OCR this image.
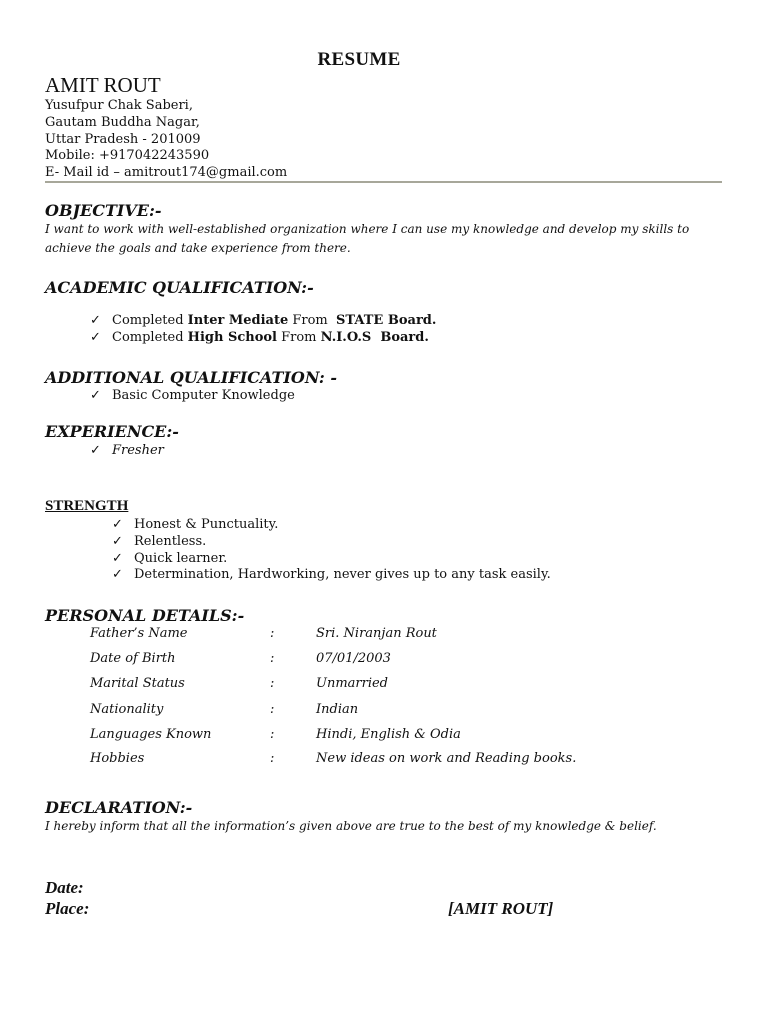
RESUME
AMIT ROUT
Yusufpur Chak Saberi,
Gautam Buddha Nagar,
Uttar Pradesh - 201009
Mobile: +917042243590
E- Mail id – amitrout174@gmail.com
OBJECTIVE:-
I want to work with well-established organization where I can use my knowledge and develop my skills to achieve the goals and take experience from there.
ACADEMIC QUALIFICATION:-
✓ Completed Inter Mediate From  STATE Board.
✓ Completed High School From N.I.O.S  Board.
ADDITIONAL QUALIFICATION: -
✓ Basic Computer Knowledge
EXPERIENCE:-
✓ Fresher
STRENGTH
✓ Honest & Punctuality.
✓ Relentless.
✓ Quick learner.
✓ Determination, Hardworking, never gives up to any task easily.
PERSONAL DETAILS:-
Father’s Name	:	Sri. Niranjan Rout
Date of Birth	:	07/01/2003
Marital Status	:	Unmarried
Nationality	:	Indian
Languages Known	:	Hindi, English & Odia
Hobbies	:	New ideas on work and Reading books.
DECLARATION:-
I hereby inform that all the information’s given above are true to the best of my knowledge & belief.
Date:
Place:	[AMIT ROUT]
